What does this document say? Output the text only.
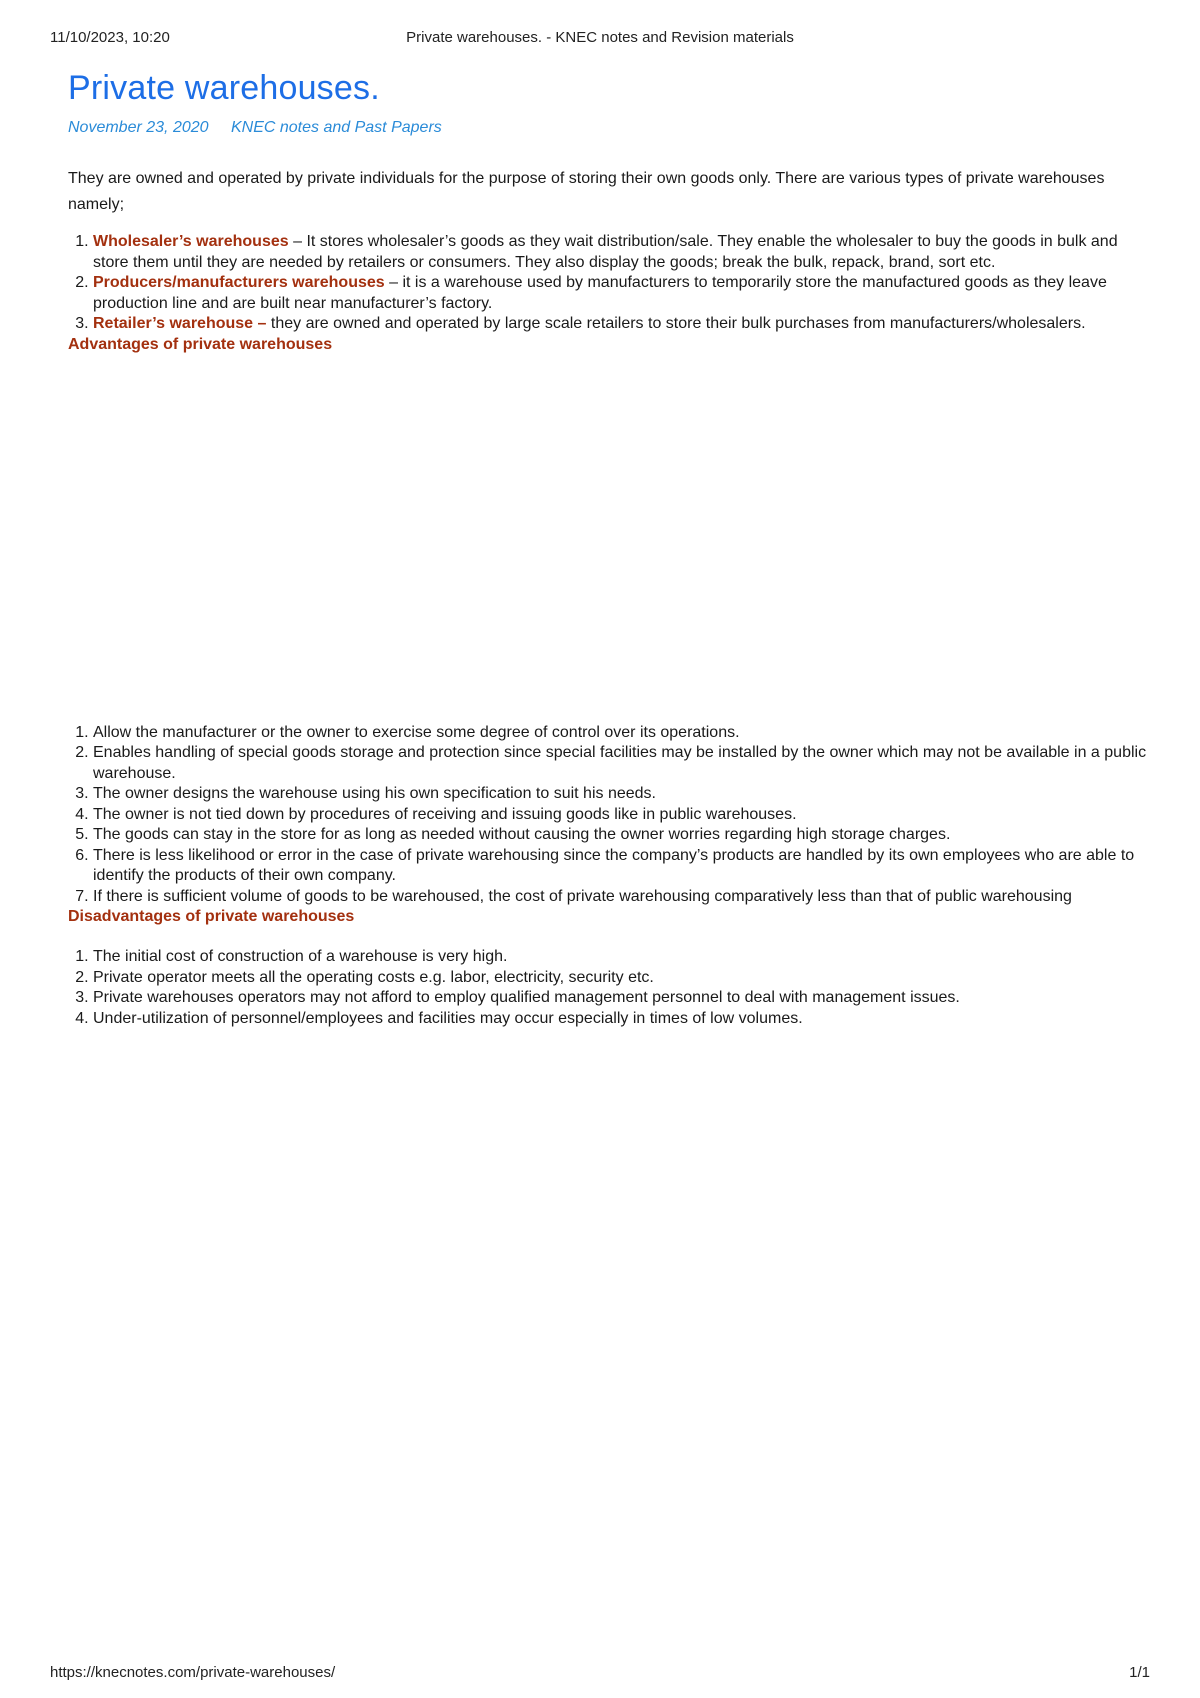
11/10/2023, 10:20	Private warehouses. - KNEC notes and Revision materials
Private warehouses.
November 23, 2020 KNEC notes and Past Papers

They are owned and operated by private individuals for the purpose of storing their own goods only. There are various types of private warehouses namely;

1. Wholesaler’s warehouses – It stores wholesaler’s goods as they wait distribution/sale. They enable the wholesaler to buy the goods in bulk and store them until they are needed by retailers or consumers. They also display the goods; break the bulk, repack, brand, sort etc.
2. Producers/manufacturers warehouses – it is a warehouse used by manufacturers to temporarily store the manufactured goods as they leave production line and are built near manufacturer’s factory.
3. Retailer’s warehouse – they are owned and operated by large scale retailers to store their bulk purchases from manufacturers/wholesalers.
Advantages of private warehouses
1. Allow the manufacturer or the owner to exercise some degree of control over its operations.
2. Enables handling of special goods storage and protection since special facilities may be installed by the owner which may not be available in a public warehouse.
3. The owner designs the warehouse using his own specification to suit his needs.
4. The owner is not tied down by procedures of receiving and issuing goods like in public warehouses.
5. The goods can stay in the store for as long as needed without causing the owner worries regarding high storage charges.
6. There is less likelihood or error in the case of private warehousing since the company’s products are handled by its own employees who are able to identify the products of their own company.
7. If there is sufficient volume of goods to be warehoused, the cost of private warehousing comparatively less than that of public warehousing
Disadvantages of private warehouses
1. The initial cost of construction of a warehouse is very high.
2. Private operator meets all the operating costs e.g. labor, electricity, security etc.
3. Private warehouses operators may not afford to employ qualified management personnel to deal with management issues.
4. Under-utilization of personnel/employees and facilities may occur especially in times of low volumes.
https://knecnotes.com/private-warehouses/	1/1
